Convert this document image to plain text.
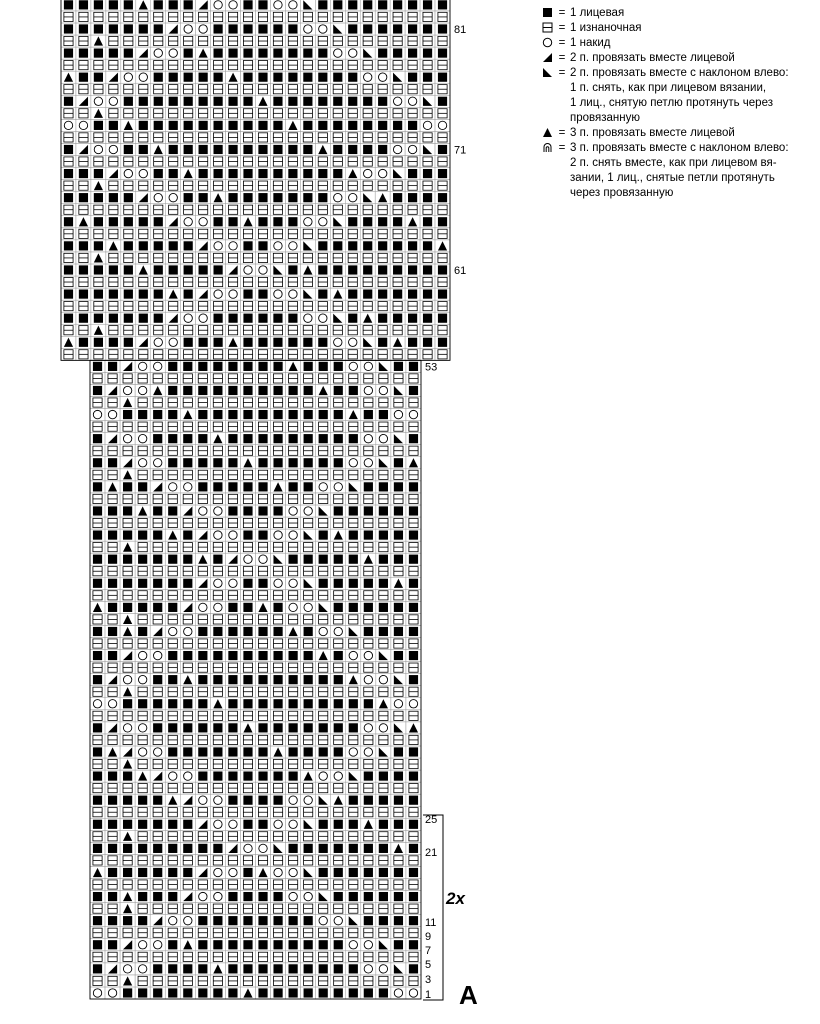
81
71
61
53
25
21
11
9
7
5
3
1
2x
A
= 1 лицевая
= 1 изнаночная
= 1 накид
= 2 п. провязать вместе лицевой
= 2 п. провязать вместе с наклоном влево:
1 п. снять, как при лицевом вязании,
1 лиц., снятую петлю протянуть через
провязанную
= 3 п. провязать вместе лицевой
= 3 п. провязать вместе с наклоном влево:
2 п. снять вместе, как при лицевом вя-
зании, 1 лиц., снятые петли протянуть
через провязанную
